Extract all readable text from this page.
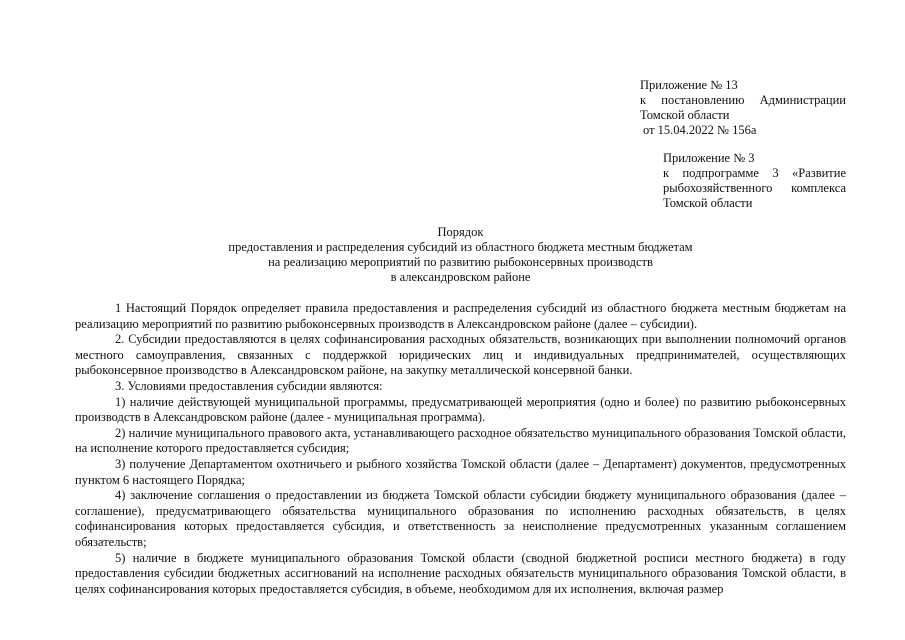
Приложение № 13
к постановлению Администрации
Томской области
от 15.04.2022 № 156а
Приложение № 3
к подпрограмме 3 «Развитие
рыбохозяйственного комплекса
Томской области
Порядок
предоставления и распределения субсидий из областного бюджета местным бюджетам
на реализацию мероприятий по развитию рыбоконсервных производств
в александровском районе

1 Настоящий Порядок определяет правила предоставления и распределения субсидий из областного бюджета местным бюджетам на реализацию мероприятий по развитию рыбоконсервных производств в Александровском районе (далее – субсидии).

2. Субсидии предоставляются в целях софинансирования расходных обязательств, возникающих при выполнении полномочий органов местного самоуправления, связанных с поддержкой юридических лиц и индивидуальных предпринимателей, осуществляющих рыбоконсервное производство в Александровском районе, на закупку металлической консервной банки.

3. Условиями предоставления субсидии являются:

1) наличие действующей муниципальной программы, предусматривающей мероприятия (одно и более) по развитию рыбоконсервных производств в Александровском районе (далее - муниципальная программа).

2) наличие муниципального правового акта, устанавливающего расходное обязательство муниципального образования Томской области, на исполнение которого предоставляется субсидия;

3) получение Департаментом охотничьего и рыбного хозяйства Томской области (далее – Департамент) документов, предусмотренных пунктом 6 настоящего Порядка;

4) заключение соглашения о предоставлении из бюджета Томской области субсидии бюджету муниципального образования (далее – соглашение), предусматривающего обязательства муниципального образования по исполнению расходных обязательств, в целях софинансирования которых предоставляется субсидия, и ответственность за неисполнение предусмотренных указанным соглашением обязательств;

5) наличие в бюджете муниципального образования Томской области (сводной бюджетной росписи местного бюджета) в году предоставления субсидии бюджетных ассигнований на исполнение расходных обязательств муниципального образования Томской области, в целях софинансирования которых предоставляется субсидия, в объеме, необходимом для их исполнения, включая размер
